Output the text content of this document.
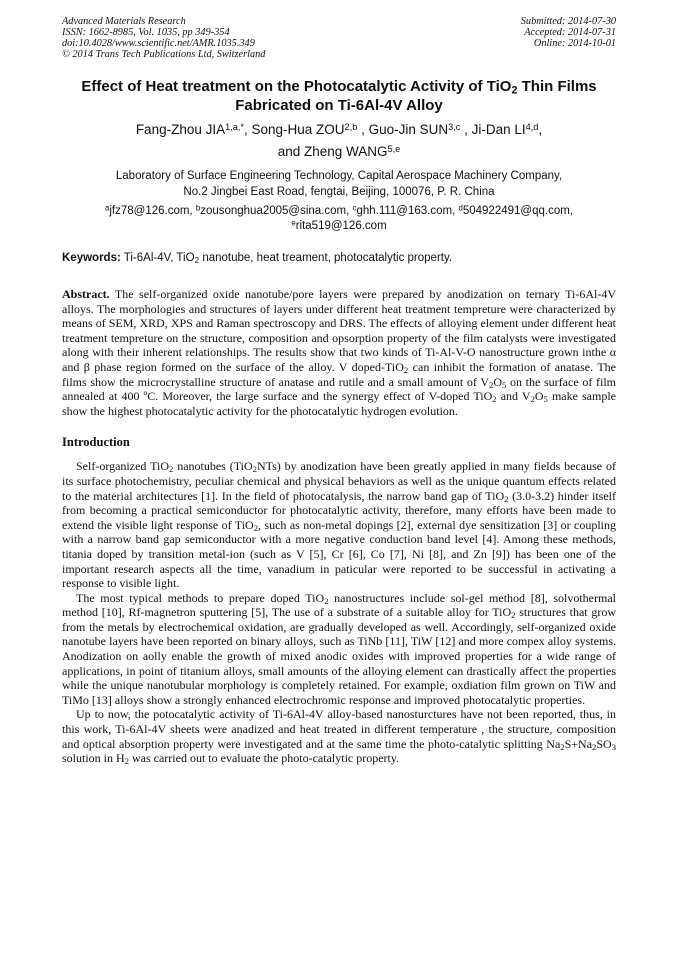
Advanced Materials Research
ISSN: 1662-8985, Vol. 1035, pp 349-354
doi:10.4028/www.scientific.net/AMR.1035.349
© 2014 Trans Tech Publications Ltd, Switzerland
Submitted: 2014-07-30
Accepted: 2014-07-31
Online: 2014-10-01
Effect of Heat treatment on the Photocatalytic Activity of TiO$_2$ Thin Films
Fabricated on Ti-6Al-4V Alloy
Fang-Zhou $JIA^{1,a,*}$, Song-Hua ZOU$^{2,b}$ , Guo-Jin SUN$^{3,c}$ , Ji-Dan LI$^{4,d}$,
and Zheng WANG$^{5,e}$
Laboratory of Surface Engineering Technology, Capital Aerospace Machinery Company,
No.2 Jingbei East Road, fengtai, Beijing, 100076, P. R. China
$^a$jfz78@126.com, $^b$zousonghua2005@sina.com, $^c$ghh.111@163.com, $^d$504922491@qq.com,
$^e$rita519@126.com
Keywords: Ti-6Al-4V, TiO$_2$ nanotube, heat treament, photocatalytic property.
Abstract. The self-organized oxide nanotube/pore layers were prepared by anodization on ternary Ti-6Al-4V alloys. The morphologies and structures of layers under different heat treatment tempreture were characterized by means of SEM, XRD, XPS and Raman spectroscopy and DRS. The effects of alloying element under different heat treatment tempreture on the structure, composition and opsorption property of the film catalysts were investigated along with their inherent relationships. The results show that two kinds of Ti-Al-V-O nanostructure grown inthe α and β phase region formed on the surface of the alloy. V doped-TiO$_2$ can inhibit the formation of anatase. The films show the microcrystalline structure of anatase and rutile and a small amount of $V_2O_5$ on the surface of film annealed at 400 ºC. Moreover, the large surface and the synergy effect of V-doped TiO$_2$ and $V_2O_5$ make sample show the highest photocatalytic activity for the photocatalytic hydrogen evolution.
Introduction

Self-organized TiO$_2$ nanotubes (TiO$_2$NTs) by anodization have been greatly applied in many fields because of its surface photochemistry, peculiar chemical and physical behaviors as well as the unique quantum effects related to the material architectures [1]. In the field of photocatalysis, the narrow band gap of TiO$_2$ (3.0-3.2) hinder itself from becoming a practical semiconductor for photocatalytic activity, therefore, many efforts have been made to extend the visible light response of TiO$_2$, such as non-metal dopings [2], external dye sensitization [3] or coupling with a narrow band gap semiconductor with a more negative conduction band level [4]. Among these methods, titania doped by transition metal-ion (such as V [5], Cr [6], Co [7], Ni [8], and Zn [9]) has been one of the important research aspects all the time, vanadium in paticular were reported to be successful in activating a response to visible light.

The most typical methods to prepare doped TiO$_2$ nanostructures include sol-gel method [8], solvothermal method [10], Rf-magnetron sputtering [5], The use of a substrate of a suitable alloy for TiO$_2$ structures that grow from the metals by electrochemical oxidation, are gradually developed as well. Accordingly, self-organized oxide nanotube layers have been reported on binary alloys, such as TiNb [11], TiW [12] and more compex alloy systems. Anodization on aolly enable the growth of mixed anodic oxides with improved properties for a wide range of applications, in point of titanium alloys, small amounts of the alloying element can drastically affect the properties while the unique nanotubular morphology is completely retained. For example, oxdiation film grown on TiW and TiMo [13] alloys show a strongly enhanced electrochromic response and improved photocatalytic properties.

Up to now, the potocatalytic activity of Ti-6Al-4V alloy-based nanosturctures have not been reported, thus, in this work, Ti-6Al-4V sheets were anadized and heat treated in different temperature , the structure, composition and optical absorption property were investigated and at the same time the photo-catalytic splitting $Na_2S+Na_2SO_3$ solution in $H_2$ was carried out to evaluate the photo-catalytic property.
